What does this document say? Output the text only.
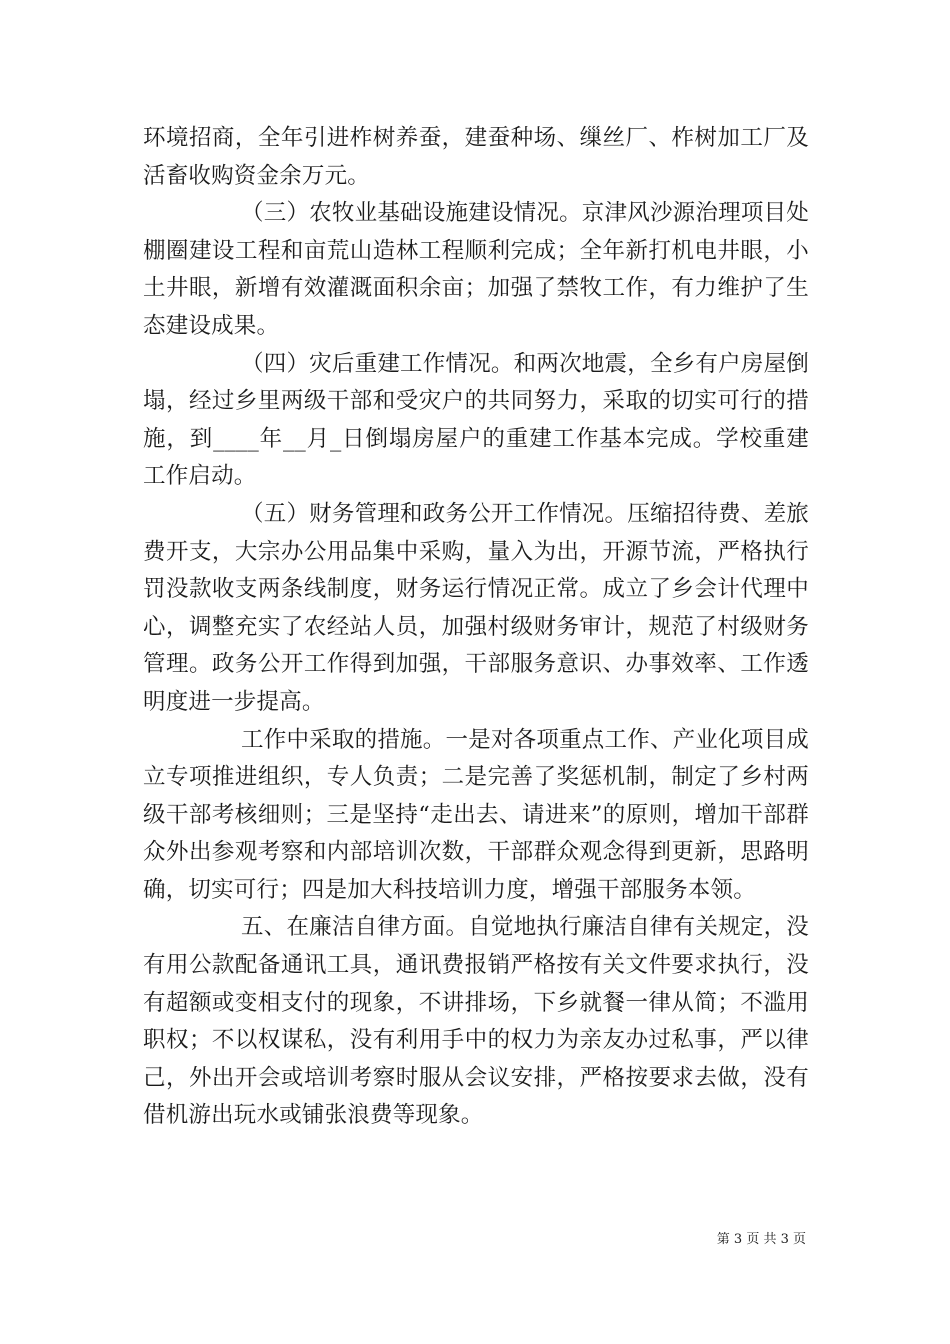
环境招商，全年引进柞树养蚕，建蚕种场、缫丝厂、柞树加工厂及活畜收购资金余万元。

（三）农牧业基础设施建设情况。京津风沙源治理项目处棚圈建设工程和亩荒山造林工程顺利完成；全年新打机电井眼，小土井眼，新增有效灌溉面积余亩；加强了禁牧工作，有力维护了生态建设成果。

（四）灾后重建工作情况。和两次地震，全乡有户房屋倒塌，经过乡里两级干部和受灾户的共同努力，采取的切实可行的措施，到____年__月_日倒塌房屋户的重建工作基本完成。学校重建工作启动。

（五）财务管理和政务公开工作情况。压缩招待费、差旅费开支，大宗办公用品集中采购，量入为出，开源节流，严格执行罚没款收支两条线制度，财务运行情况正常。成立了乡会计代理中心，调整充实了农经站人员，加强村级财务审计，规范了村级财务管理。政务公开工作得到加强，干部服务意识、办事效率、工作透明度进一步提高。

工作中采取的措施。一是对各项重点工作、产业化项目成立专项推进组织，专人负责；二是完善了奖惩机制，制定了乡村两级干部考核细则；三是坚持“走出去、请进来”的原则，增加干部群众外出参观考察和内部培训次数，干部群众观念得到更新，思路明确，切实可行；四是加大科技培训力度，增强干部服务本领。

五、在廉洁自律方面。自觉地执行廉洁自律有关规定，没有用公款配备通讯工具，通讯费报销严格按有关文件要求执行，没有超额或变相支付的现象，不讲排场，下乡就餐一律从简；不滥用职权；不以权谋私，没有利用手中的权力为亲友办过私事，严以律己，外出开会或培训考察时服从会议安排，严格按要求去做，没有借机游出玩水或铺张浪费等现象。

第 3 页 共 3 页
